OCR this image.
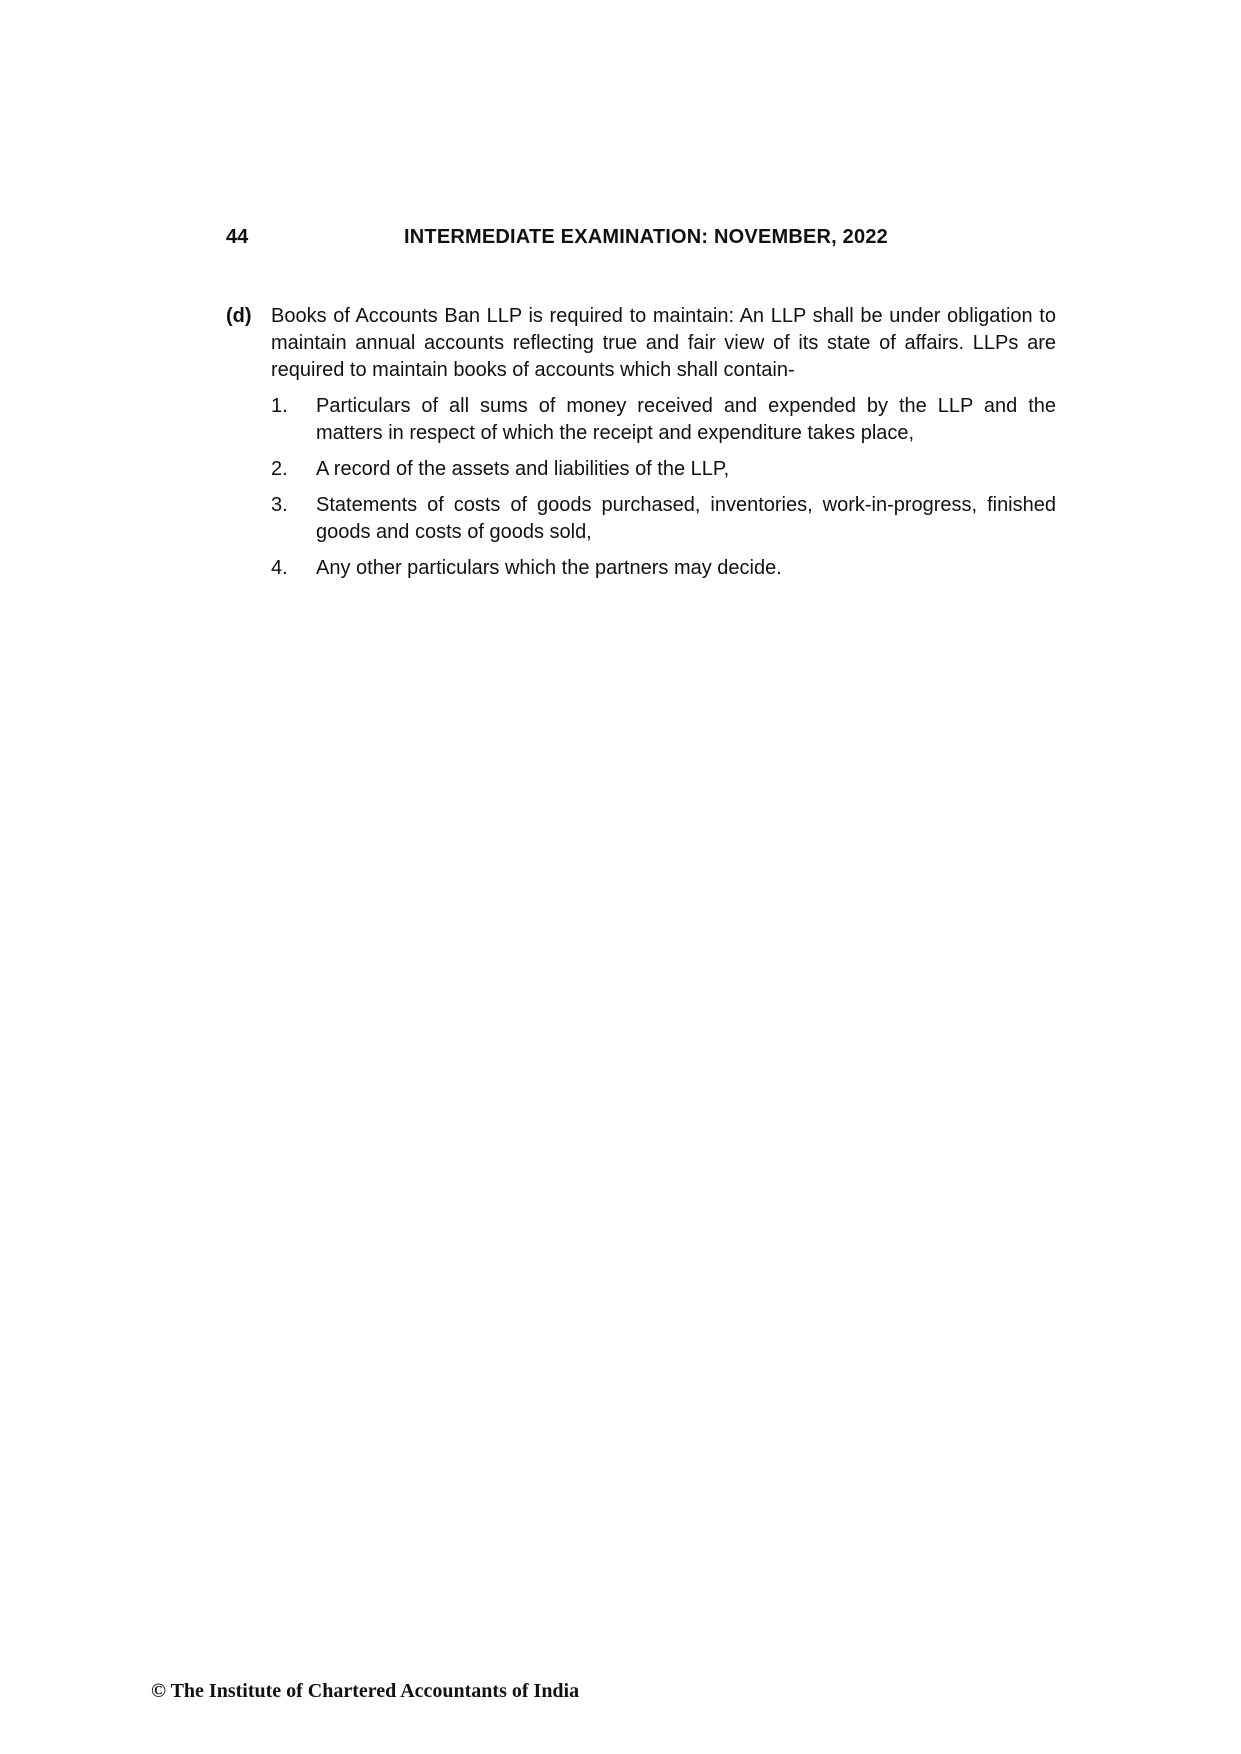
44	INTERMEDIATE EXAMINATION: NOVEMBER, 2022
(d) Books of Accounts Ban LLP is required to maintain: An LLP shall be under obligation to maintain annual accounts reflecting true and fair view of its state of affairs. LLPs are required to maintain books of accounts which shall contain-
1.	Particulars of all sums of money received and expended by the LLP and the matters in respect of which the receipt and expenditure takes place,
2.	A record of the assets and liabilities of the LLP,
3.	Statements of costs of goods purchased, inventories, work-in-progress, finished goods and costs of goods sold,
4.	Any other particulars which the partners may decide.
© The Institute of Chartered Accountants of India
